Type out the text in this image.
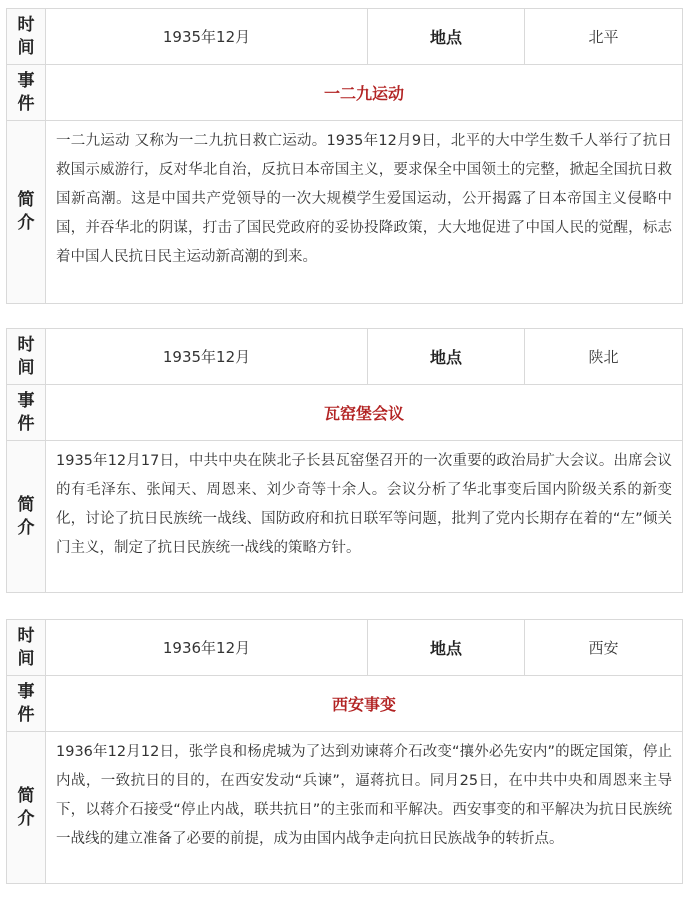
时
间	1935年12月	地点	北平

事
件	一二九运动		

简
介	一二九运动 又称为一二九抗日救亡运动。1935年12月9日，北平的大中学生数千人举行了抗日救国示威游行，反对华北自治，反抗日本帝国主义，要求保全中国领土的完整，掀起全国抗日救国新高潮。这是中国共产党领导的一次大规模学生爱国运动，公开揭露了日本帝国主义侵略中国，并吞华北的阴谋，打击了国民党政府的妥协投降政策，大大地促进了中国人民的觉醒，标志着中国人民抗日民主运动新高潮的到来。		
时
间	1935年12月	地点	陕北

事
件	瓦窑堡会议		

简
介	1935年12月17日，中共中央在陕北子长县瓦窑堡召开的一次重要的政治局扩大会议。出席会议的有毛泽东、张闻天、周恩来、刘少奇等十余人。会议分析了华北事变后国内阶级关系的新变化，讨论了抗日民族统一战线、国防政府和抗日联军等问题，批判了党内长期存在着的“左”倾关门主义，制定了抗日民族统一战线的策略方针。		
时
间	1936年12月	地点	西安

事
件	西安事变		

简
介	1936年12月12日，张学良和杨虎城为了达到劝谏蒋介石改变“攘外必先安内”的既定国策，停止内战，一致抗日的目的，在西安发动“兵谏”，逼蒋抗日。同月25日，在中共中央和周恩来主导下，以蒋介石接受“停止内战，联共抗日”的主张而和平解决。西安事变的和平解决为抗日民族统一战线的建立准备了必要的前提，成为由国内战争走向抗日民族战争的转折点。		
